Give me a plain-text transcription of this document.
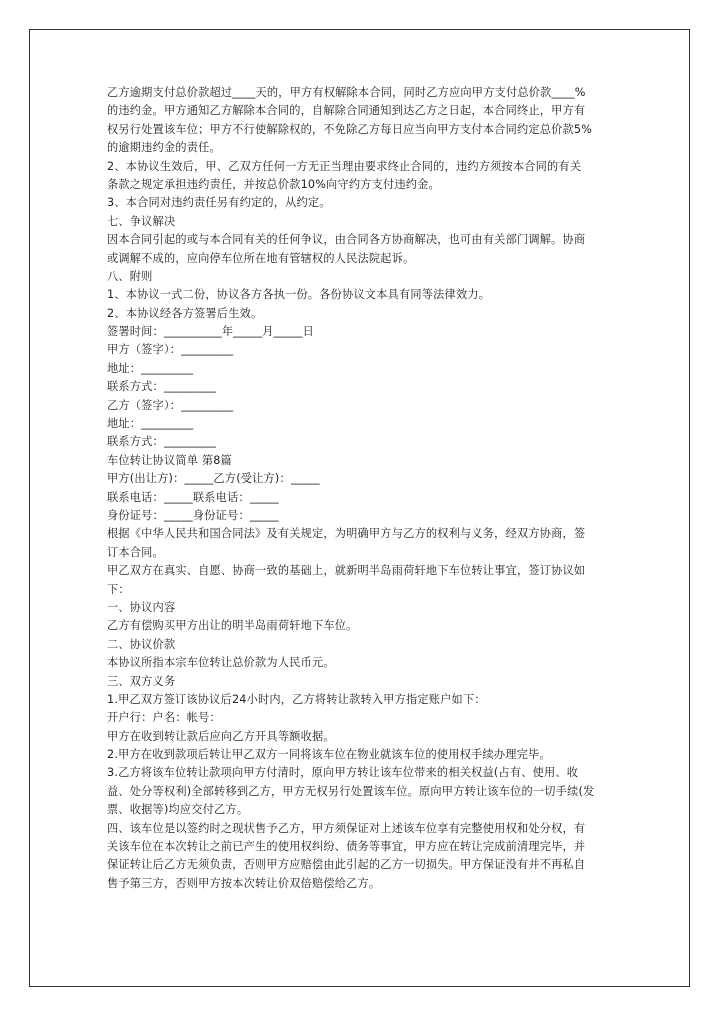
乙方逾期支付总价款超过____天的，甲方有权解除本合同，同时乙方应向甲方支付总价款____%
的违约金。甲方通知乙方解除本合同的，自解除合同通知到达乙方之日起，本合同终止，甲方有
权另行处置该车位；甲方不行使解除权的，不免除乙方每日应当向甲方支付本合同约定总价款5%
的逾期违约金的责任。
2、本协议生效后，甲、乙双方任何一方无正当理由要求终止合同的，违约方须按本合同的有关
条款之规定承担违约责任，并按总价款10%向守约方支付违约金。
3、本合同对违约责任另有约定的，从约定。
七、争议解决
因本合同引起的或与本合同有关的任何争议，由合同各方协商解决，也可由有关部门调解。协商
或调解不成的，应向停车位所在地有管辖权的人民法院起诉。
八、附则
1、本协议一式二份，协议各方各执一份。各份协议文本具有同等法律效力。
2、本协议经各方签署后生效。
签署时间：__________年_____月_____日
甲方（签字）：_________
地址：_________
联系方式：_________
乙方（签字）：_________
地址：_________
联系方式：_________
车位转让协议简单 第8篇
甲方(出让方)：_____乙方(受让方)：_____
联系电话：_____联系电话：_____
身份证号：_____身份证号：_____
根据《中华人民共和国合同法》及有关规定，为明确甲方与乙方的权利与义务，经双方协商，签
订本合同。
甲乙双方在真实、自愿、协商一致的基础上，就新明半岛雨荷轩地下车位转让事宜，签订协议如
下：
一、协议内容
乙方有偿购买甲方出让的明半岛雨荷轩地下车位。
二、协议价款
本协议所指本宗车位转让总价款为人民币元。
三、双方义务
1.甲乙双方签订该协议后24小时内，乙方将转让款转入甲方指定账户如下：
开户行：户名：帐号：
甲方在收到转让款后应向乙方开具等额收据。
2.甲方在收到款项后转让甲乙双方一同将该车位在物业就该车位的使用权手续办理完毕。
3.乙方将该车位转让款项向甲方付清时，原向甲方转让该车位带来的相关权益(占有、使用、收
益、处分等权利)全部转移到乙方，甲方无权另行处置该车位。原向甲方转让该车位的一切手续(发
票、收据等)均应交付乙方。
四、该车位是以签约时之现状售予乙方，甲方须保证对上述该车位享有完整使用权和处分权，有
关该车位在本次转让之前已产生的使用权纠纷、债务等事宜，甲方应在转让完成前清理完毕，并
保证转让后乙方无须负责，否则甲方应赔偿由此引起的乙方一切损失。甲方保证没有并不再私自
售予第三方，否则甲方按本次转让价双倍赔偿给乙方。
